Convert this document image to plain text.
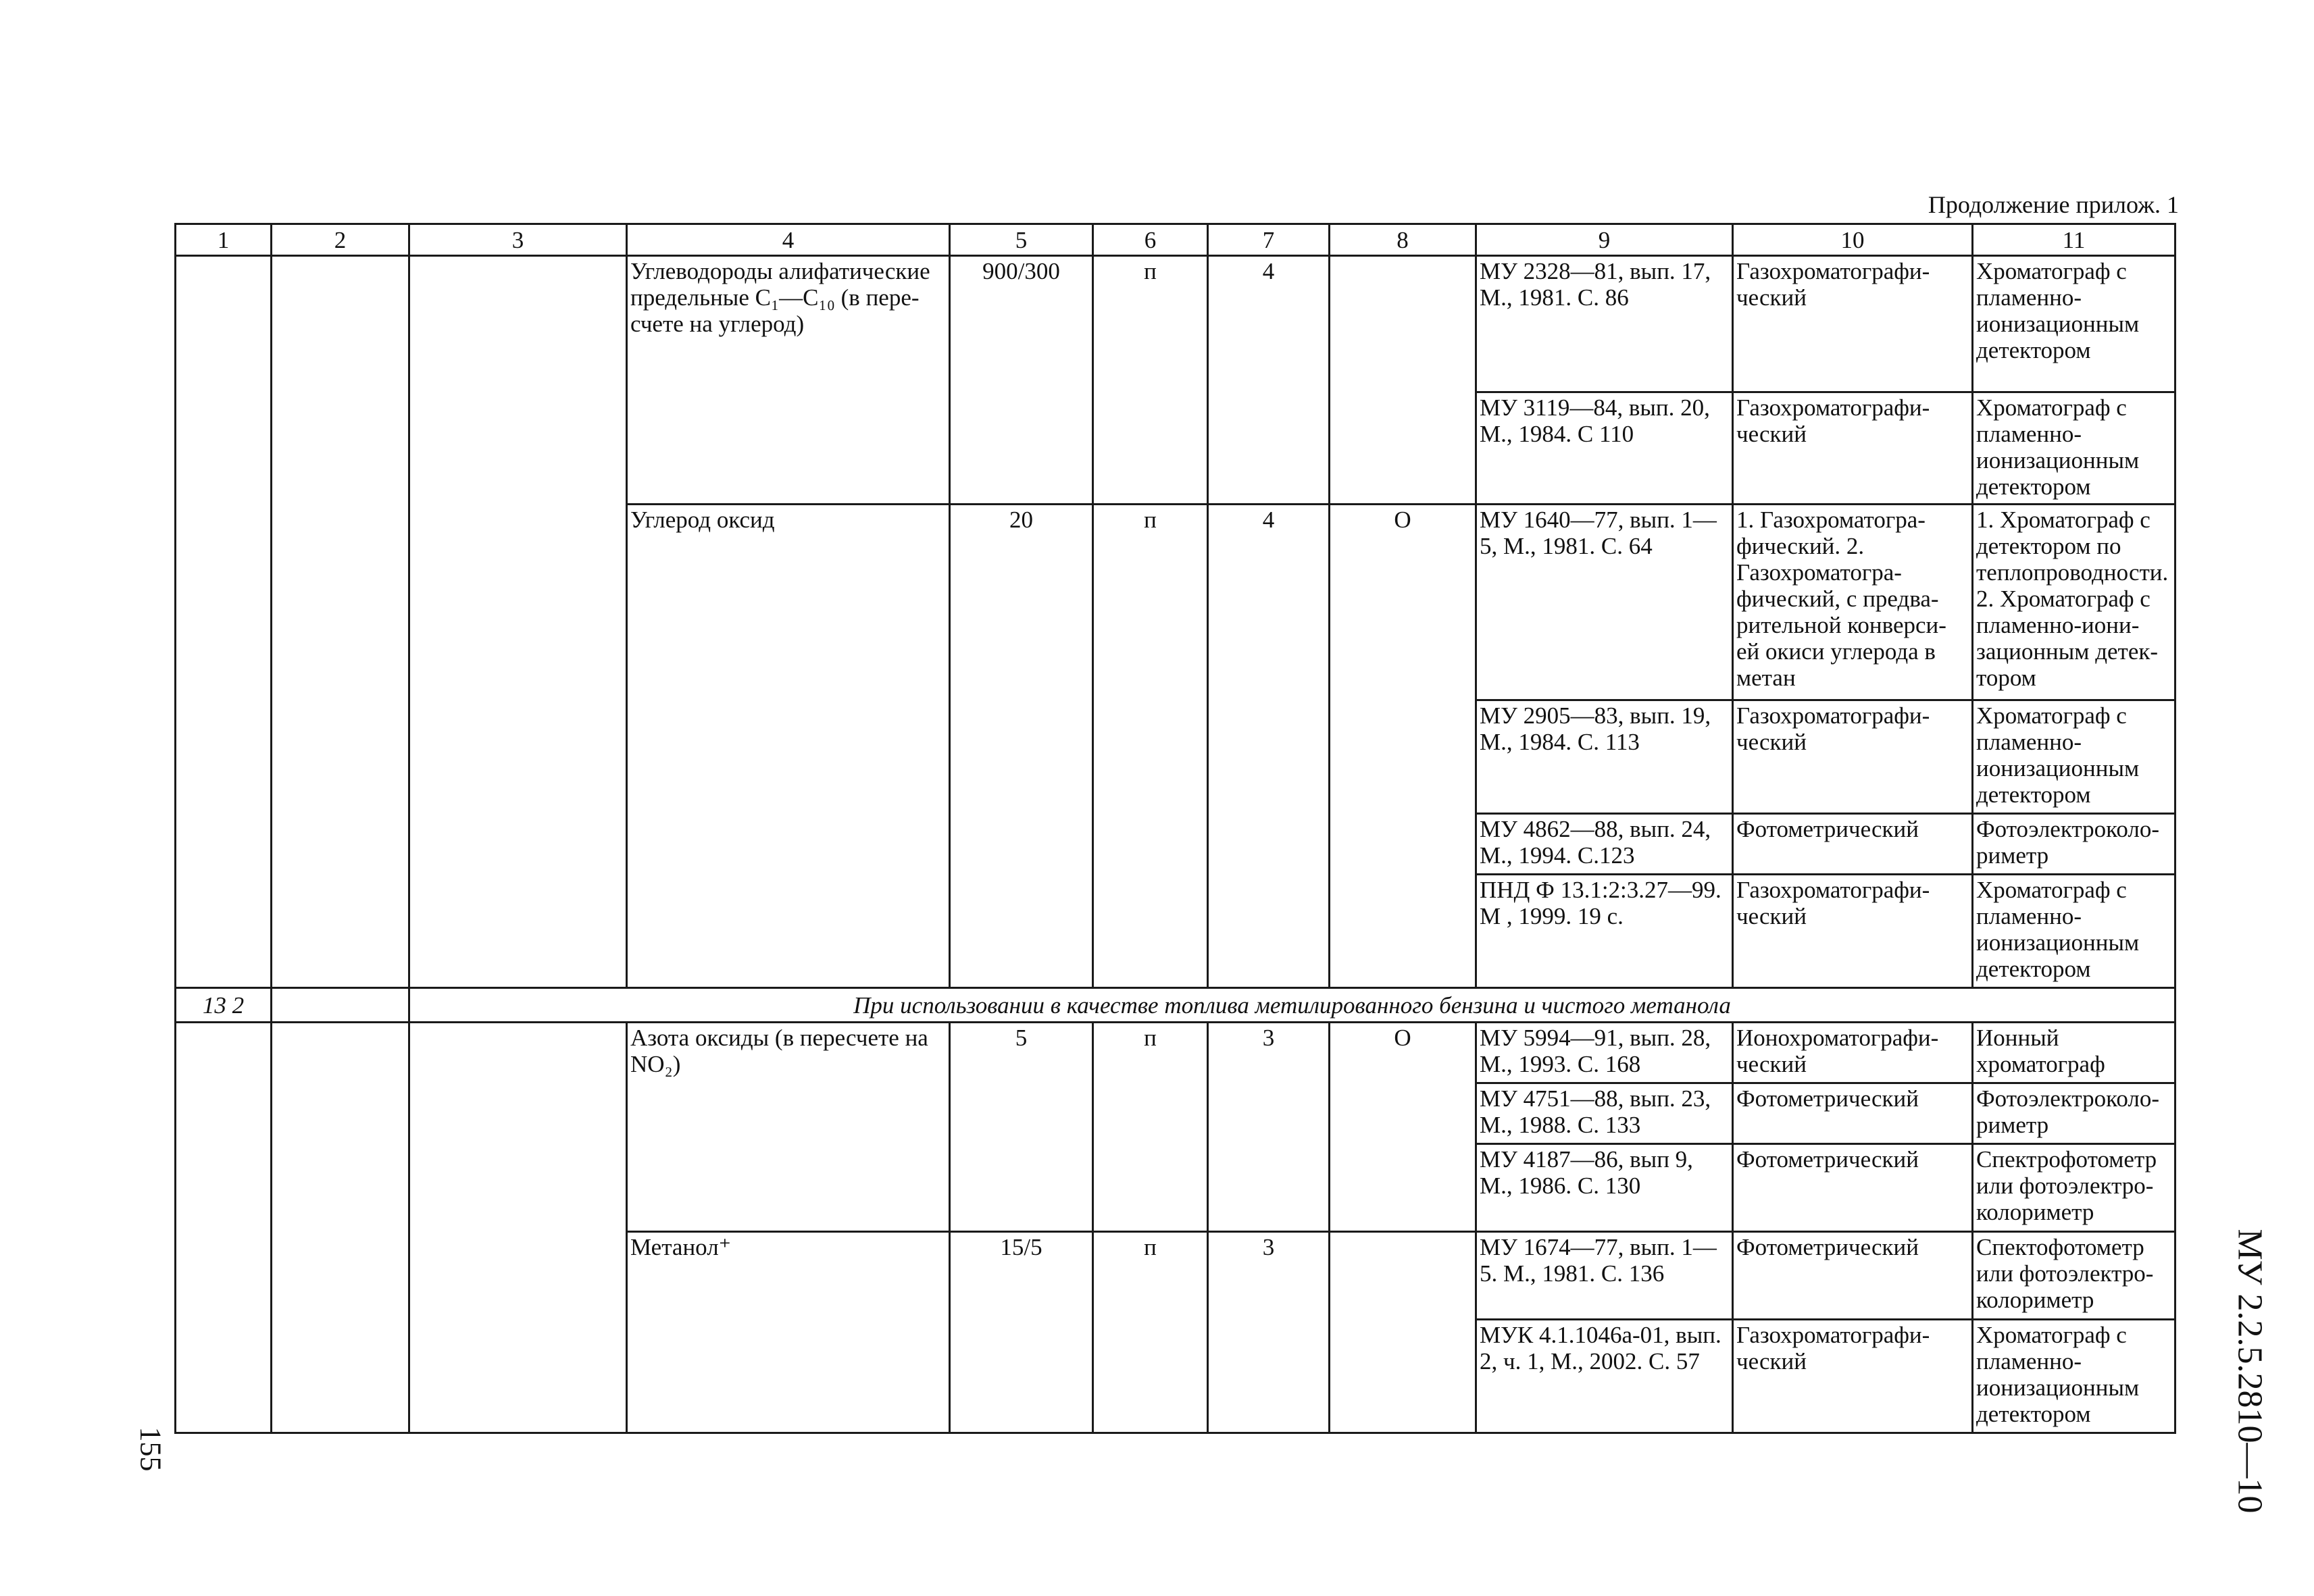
Продолжение прилож. 1
1	2	3	4	5	6	7	8	9	10	11
			Углеводороды алифатические предельные C₁—C₁₀ (в пере-счете на углерод)	900/300	п	4		МУ 2328—81, вып. 17, М., 1981. С. 86	Газохроматографи-ческий	Хроматограф с пламенно-ионизационным детектором
								МУ 3119—84, вып. 20, М., 1984. С 110	Газохроматографи-ческий	Хроматограф с пламенно-ионизационным детектором
			Углерод оксид	20	п	4	О	МУ 1640—77, вып. 1—5, М., 1981. С. 64	1. Газохроматогра-фический. 2. Газохроматогра-фический, с предва-рительной конверси-ей окиси углерода в метан	1. Хроматограф с детектором по теплопроводности. 2. Хроматограф с пламенно-иони-зационным детек-тором
								МУ 2905—83, вып. 19, М., 1984. С. 113	Газохроматографи-ческий	Хроматограф с пламенно-ионизационным детектором
								МУ 4862—88, вып. 24, М., 1994. С.123	Фотометрический	Фотоэлектроколо-риметр
								ПНД Ф 13.1:2:3.27—99. М , 1999. 19 с.	Газохроматографи-ческий	Хроматограф с пламенно-ионизационным детектором

13 2		При использовании в качестве топлива метилированного бензина и чистого метанола								
			Азота оксиды (в пересчете на NO₂)	5	п	3	О	МУ 5994—91, вып. 28, М., 1993. С. 168	Ионохроматографи-ческий	Ионный хроматограф
								МУ 4751—88, вып. 23, М., 1988. С. 133	Фотометрический	Фотоэлектроколо-риметр
								МУ 4187—86, вып 9, М., 1986. С. 130	Фотометрический	Спектрофотометр или фотоэлектро-колориметр
			Метанол⁺	15/5	п	3		МУ 1674—77, вып. 1—5. М., 1981. С. 136	Фотометрический	Спектофотометр или фотоэлектро-колориметр
								МУК 4.1.1046а-01, вып. 2, ч. 1, М., 2002. С. 57	Газохроматографи-ческий	Хроматограф с пламенно-ионизационным детектором
155	МУ 2.2.5.2810—10
